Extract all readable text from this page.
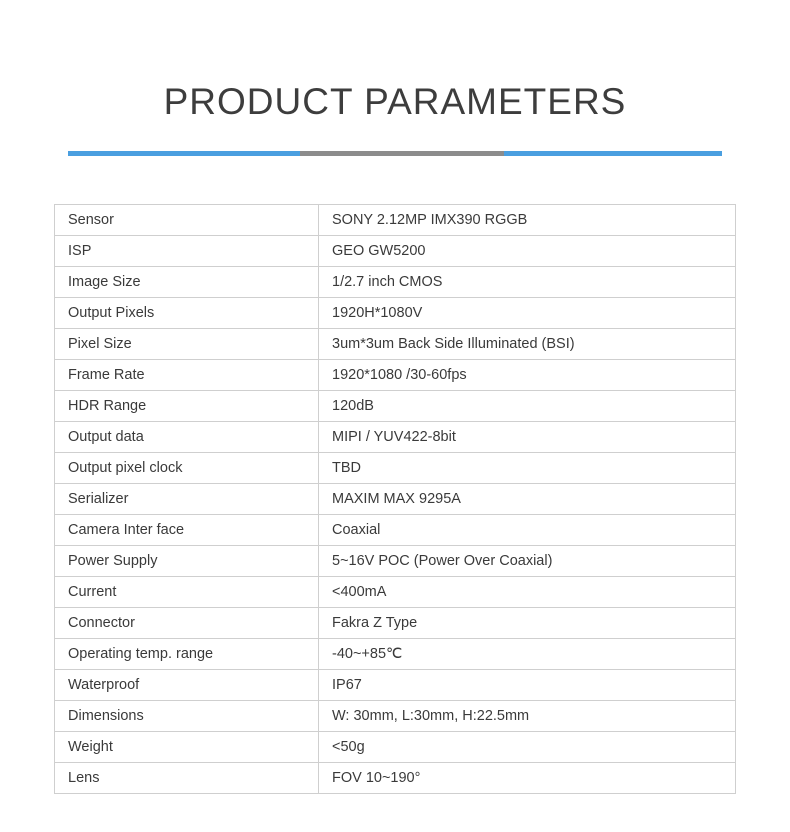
PRODUCT PARAMETERS
Sensor	SONY 2.12MP IMX390 RGGB
ISP	GEO GW5200
Image Size	1/2.7 inch CMOS
Output Pixels	1920H*1080V
Pixel Size	3um*3um Back Side Illuminated (BSI)
Frame Rate	1920*1080 /30-60fps
HDR Range	120dB
Output data	MIPI / YUV422-8bit
Output pixel clock	TBD
Serializer	MAXIM MAX 9295A
Camera Inter face	Coaxial
Power Supply	5~16V POC (Power Over Coaxial)
Current	<400mA
Connector	Fakra Z Type
Operating temp. range	-40~+85℃
Waterproof	IP67
Dimensions	W: 30mm, L:30mm, H:22.5mm
Weight	<50g
Lens	FOV 10~190°
